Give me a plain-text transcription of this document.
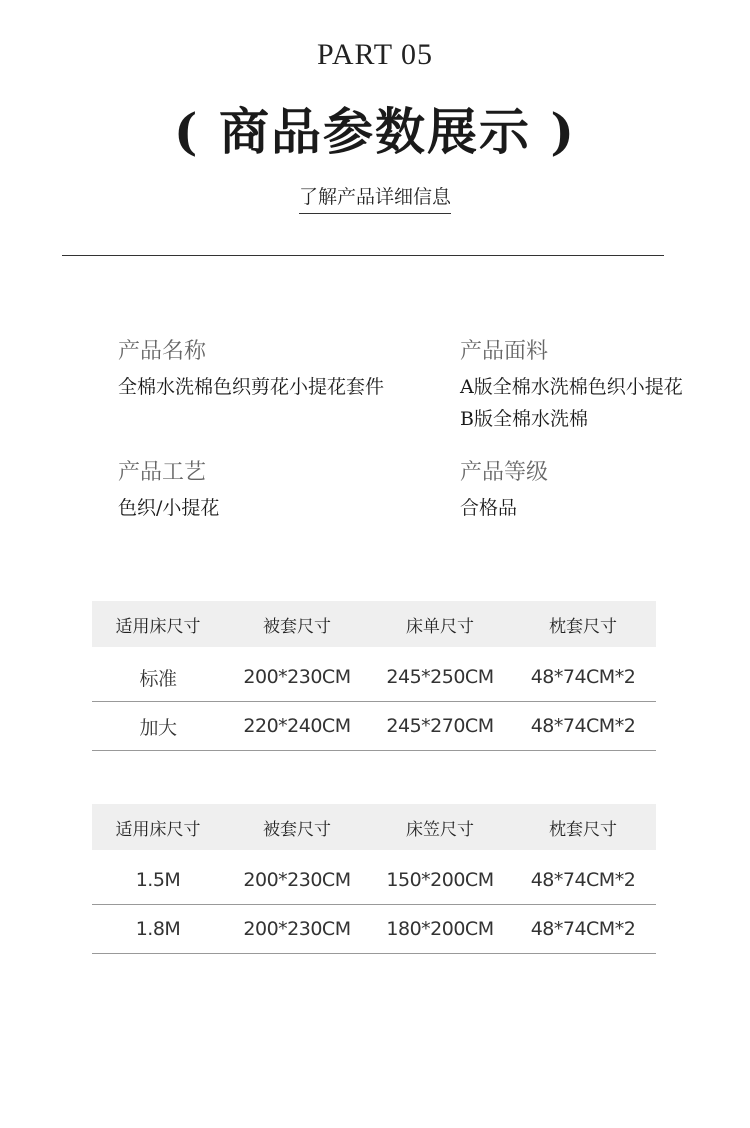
PART 05
( 商品参数展示 )
了解产品详细信息
产品名称
全棉水洗棉色织剪花小提花套件
产品面料
A版全棉水洗棉色织小提花
B版全棉水洗棉
产品工艺
色织/小提花
产品等级
合格品
适用床尺寸	被套尺寸	床单尺寸	枕套尺寸

标准	200*230CM	245*250CM	48*74CM*2
加大	220*240CM	245*270CM	48*74CM*2
适用床尺寸	被套尺寸	床笠尺寸	枕套尺寸

1.5M	200*230CM	150*200CM	48*74CM*2
1.8M	200*230CM	180*200CM	48*74CM*2
